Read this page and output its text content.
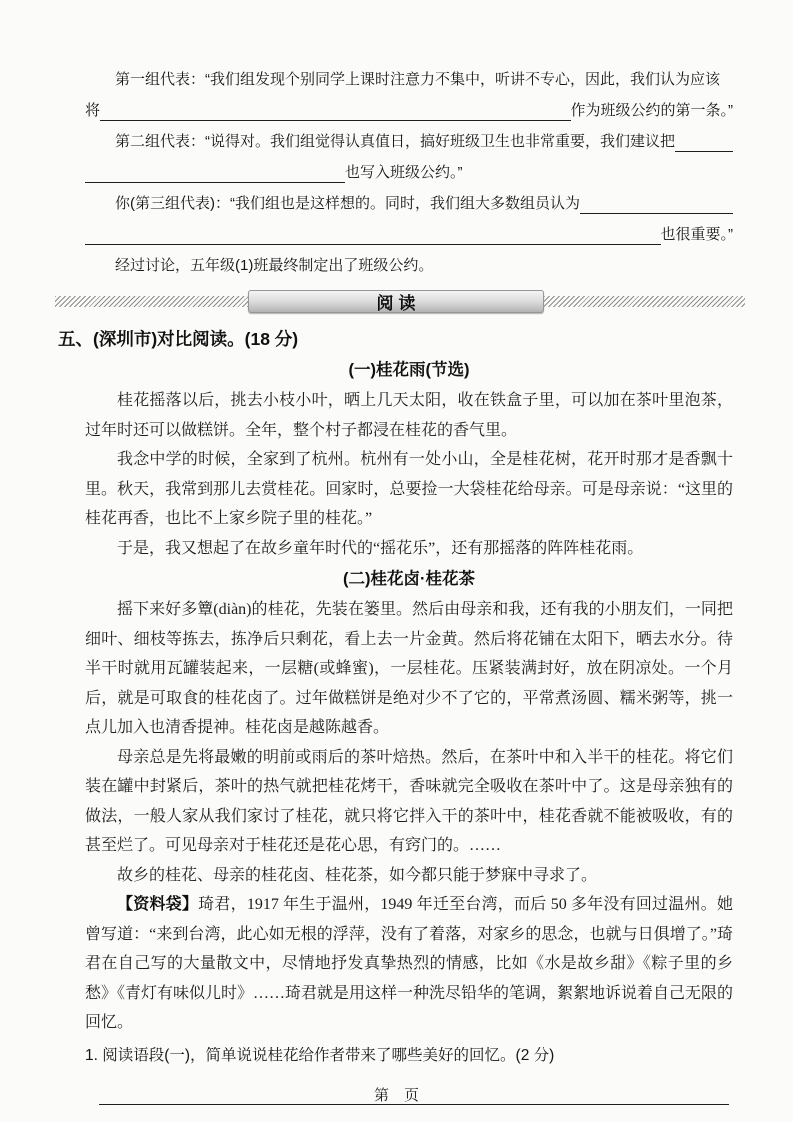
第一组代表：“我们组发现个别同学上课时注意力不集中，听讲不专心，因此，我们认为应该

将	作为班级公约的第一条。”
第二组代表：“说得对。我们组觉得认真值日，搞好班级卫生也非常重要，我们建议把
也写入班级公约。”
你(第三组代表)：“我们组也是这样想的。同时，我们组大多数组员认为
也很重要。”

经过讨论，五年级(1)班最终制定出了班级公约。

阅读
五、(深圳市)对比阅读。(18 分)
(一)桂花雨(节选)

桂花摇落以后，挑去小枝小叶，晒上几天太阳，收在铁盒子里，可以加在茶叶里泡茶，过年时还可以做糕饼。全年，整个村子都浸在桂花的香气里。

我念中学的时候，全家到了杭州。杭州有一处小山，全是桂花树，花开时那才是香飘十里。秋天，我常到那儿去赏桂花。回家时，总要捡一大袋桂花给母亲。可是母亲说：“这里的桂花再香，也比不上家乡院子里的桂花。”

于是，我又想起了在故乡童年时代的“摇花乐”，还有那摇落的阵阵桂花雨。

(二)桂花卤·桂花茶

摇下来好多簟(diàn)的桂花，先装在篓里。然后由母亲和我，还有我的小朋友们，一同把细叶、细枝等拣去，拣净后只剩花，看上去一片金黄。然后将花铺在太阳下，晒去水分。待半干时就用瓦罐装起来，一层糖(或蜂蜜)，一层桂花。压紧装满封好，放在阴凉处。一个月后，就是可取食的桂花卤了。过年做糕饼是绝对少不了它的，平常煮汤圆、糯米粥等，挑一点儿加入也清香提神。桂花卤是越陈越香。

母亲总是先将最嫩的明前或雨后的茶叶焙热。然后，在茶叶中和入半干的桂花。将它们装在罐中封紧后，茶叶的热气就把桂花烤干，香味就完全吸收在茶叶中了。这是母亲独有的做法，一般人家从我们家讨了桂花，就只将它拌入干的茶叶中，桂花香就不能被吸收，有的甚至烂了。可见母亲对于桂花还是花心思，有窍门的。……

故乡的桂花、母亲的桂花卤、桂花茶，如今都只能于梦寐中寻求了。

【资料袋】琦君，1917 年生于温州，1949 年迁至台湾，而后 50 多年没有回过温州。她曾写道：“来到台湾，此心如无根的浮萍，没有了着落，对家乡的思念，也就与日俱增了。”琦君在自己写的大量散文中，尽情地抒发真挚热烈的情感，比如《水是故乡甜》《粽子里的乡愁》《青灯有味似儿时》……琦君就是用这样一种洗尽铅华的笔调，絮絮地诉说着自己无限的回忆。

1. 阅读语段(一)，简单说说桂花给作者带来了哪些美好的回忆。(2 分)

第　页
